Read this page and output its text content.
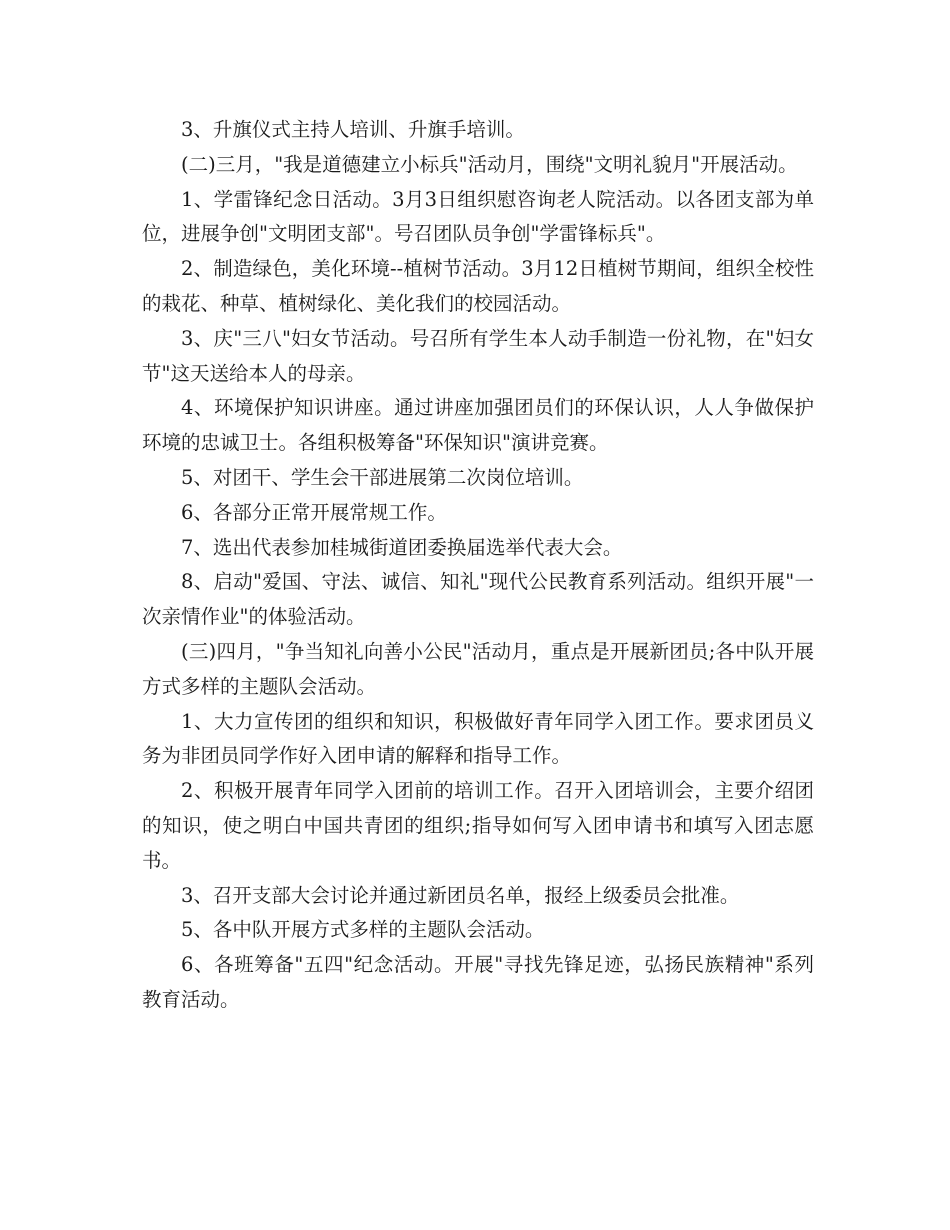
3、升旗仪式主持人培训、升旗手培训。

(二)三月，"我是道德建立小标兵"活动月，围绕"文明礼貌月"开展活动。

1、学雷锋纪念日活动。3月3日组织慰咨询老人院活动。以各团支部为单位，进展争创"文明团支部"。号召团队员争创"学雷锋标兵"。

2、制造绿色，美化环境--植树节活动。3月12日植树节期间，组织全校性的栽花、种草、植树绿化、美化我们的校园活动。

3、庆"三八"妇女节活动。号召所有学生本人动手制造一份礼物，在"妇女节"这天送给本人的母亲。

4、环境保护知识讲座。通过讲座加强团员们的环保认识，人人争做保护环境的忠诚卫士。各组积极筹备"环保知识"演讲竞赛。

5、对团干、学生会干部进展第二次岗位培训。

6、各部分正常开展常规工作。

7、选出代表参加桂城街道团委换届选举代表大会。

8、启动"爱国、守法、诚信、知礼"现代公民教育系列活动。组织开展"一次亲情作业"的体验活动。

(三)四月，"争当知礼向善小公民"活动月，重点是开展新团员;各中队开展方式多样的主题队会活动。

1、大力宣传团的组织和知识，积极做好青年同学入团工作。要求团员义务为非团员同学作好入团申请的解释和指导工作。

2、积极开展青年同学入团前的培训工作。召开入团培训会，主要介绍团的知识，使之明白中国共青团的组织;指导如何写入团申请书和填写入团志愿书。

3、召开支部大会讨论并通过新团员名单，报经上级委员会批准。

5、各中队开展方式多样的主题队会活动。

6、各班筹备"五四"纪念活动。开展"寻找先锋足迹，弘扬民族精神"系列教育活动。
